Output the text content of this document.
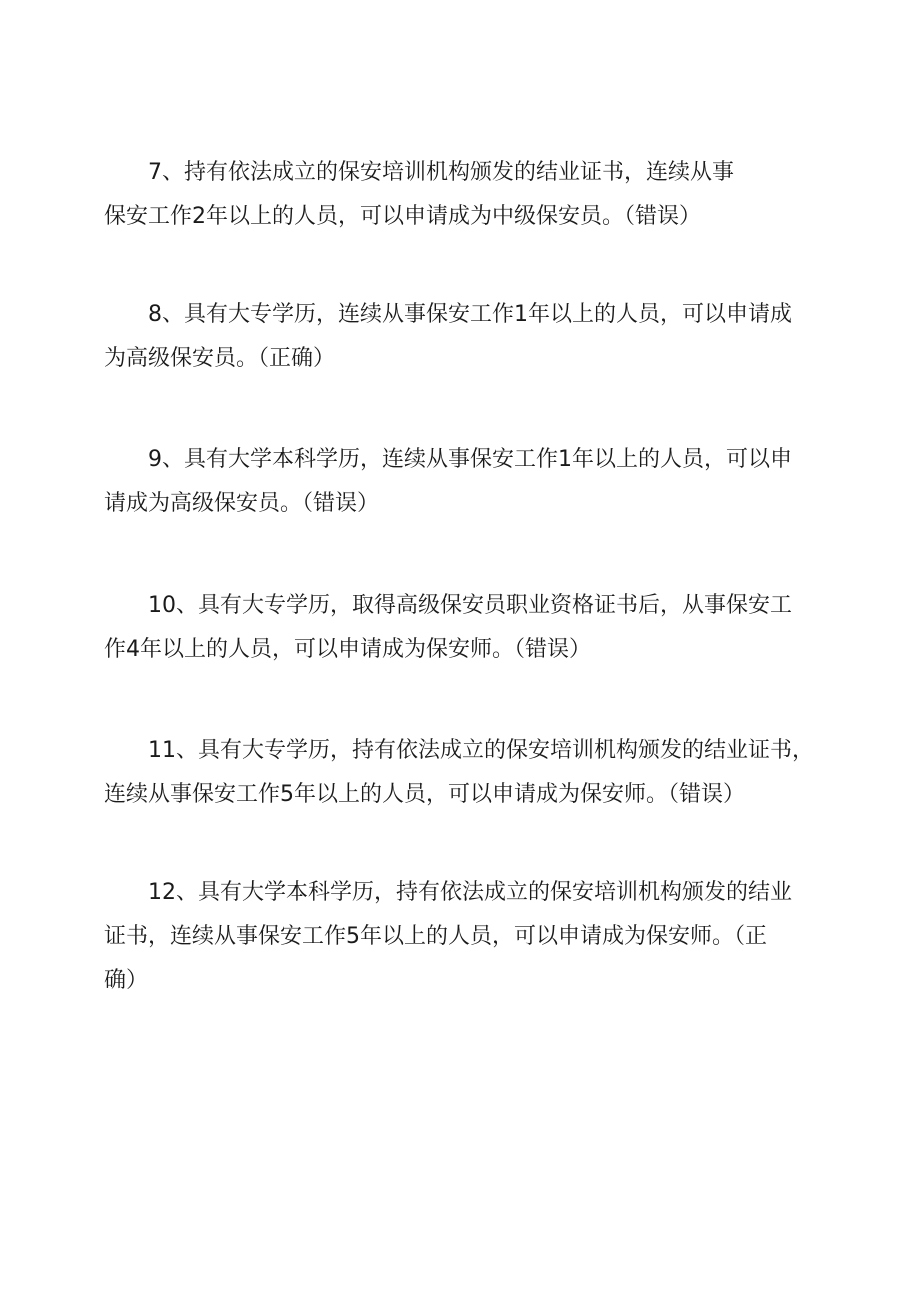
7、持有依法成立的保安培训机构颁发的结业证书，连续从事
保安工作2年以上的人员，可以申请成为中级保安员。（错误）

8、具有大专学历，连续从事保安工作1年以上的人员，可以申请成
为高级保安员。（正确）

9、具有大学本科学历，连续从事保安工作1年以上的人员，可以申
请成为高级保安员。（错误）

10、具有大专学历，取得高级保安员职业资格证书后，从事保安工
作4年以上的人员，可以申请成为保安师。（错误）

11、具有大专学历，持有依法成立的保安培训机构颁发的结业证书，
连续从事保安工作5年以上的人员，可以申请成为保安师。（错误）

12、具有大学本科学历，持有依法成立的保安培训机构颁发的结业
证书，连续从事保安工作5年以上的人员，可以申请成为保安师。（正
确）
